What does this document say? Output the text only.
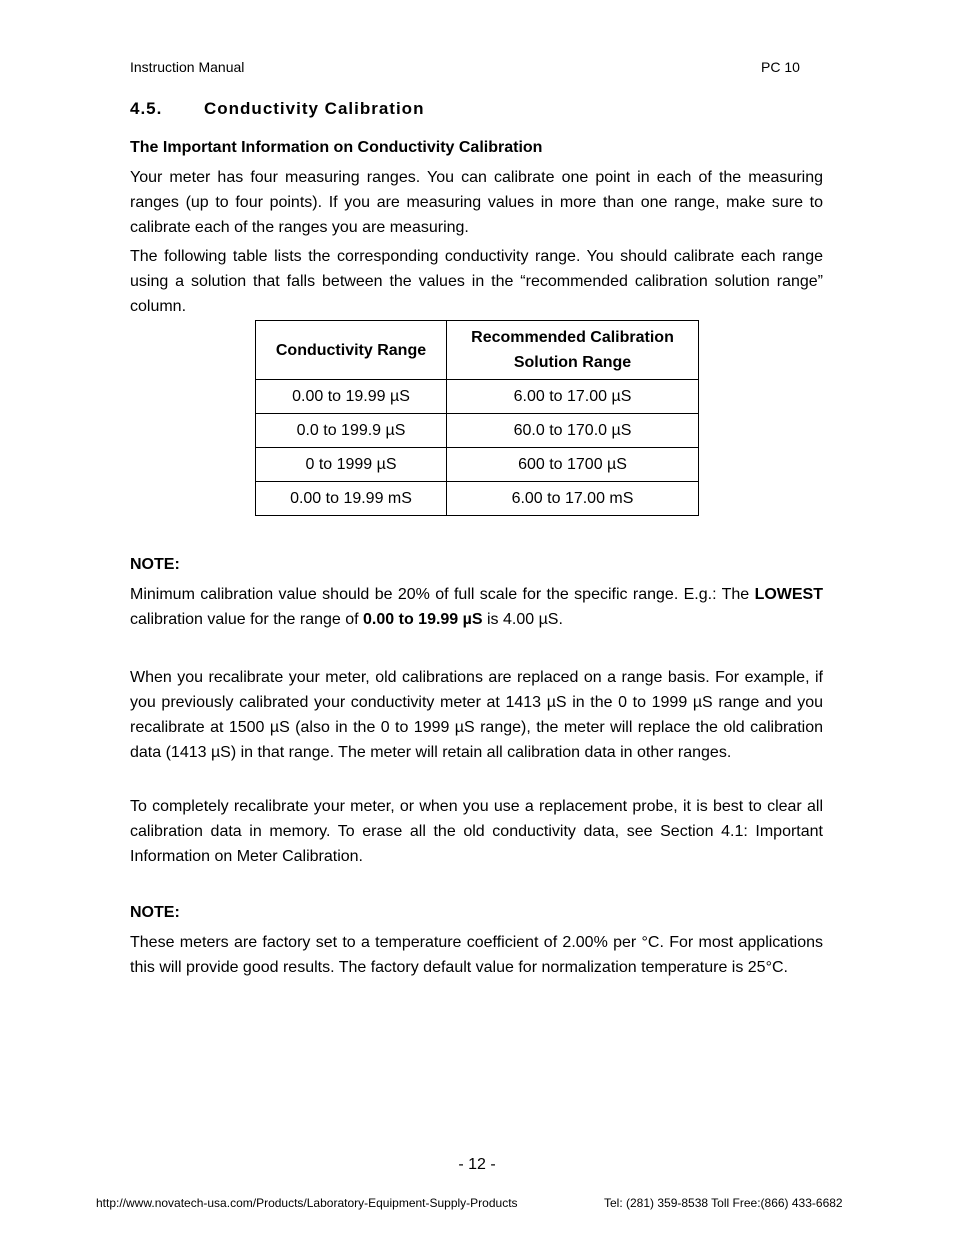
Instruction Manual	PC 10
4.5. Conductivity Calibration
The Important Information on Conductivity Calibration

Your meter has four measuring ranges. You can calibrate one point in each of the measuring ranges (up to four points). If you are measuring values in more than one range, make sure to calibrate each of the ranges you are measuring.

The following table lists the corresponding conductivity range. You should calibrate each range using a solution that falls between the values in the “recommended calibration solution range” column.

Conductivity Range	Recommended Calibration Solution Range

0.00 to 19.99 µS	6.00 to 17.00 µS
0.0 to 199.9 µS	60.0 to 170.0 µS
0 to 1999 µS	600 to 1700 µS
0.00 to 19.99 mS	6.00 to 17.00 mS
NOTE:

Minimum calibration value should be 20% of full scale for the specific range. E.g.: The LOWEST calibration value for the range of 0.00 to 19.99 µS is 4.00 µS.

When you recalibrate your meter, old calibrations are replaced on a range basis. For example, if you previously calibrated your conductivity meter at 1413 µS in the 0 to 1999 µS range and you recalibrate at 1500 µS (also in the 0 to 1999 µS range), the meter will replace the old calibration data (1413 µS) in that range. The meter will retain all calibration data in other ranges.

To completely recalibrate your meter, or when you use a replacement probe, it is best to clear all calibration data in memory. To erase all the old conductivity data, see Section 4.1: Important Information on Meter Calibration.

NOTE:

These meters are factory set to a temperature coefficient of 2.00% per °C. For most applications this will provide good results. The factory default value for normalization temperature is 25°C.

- 12 -
http://www.novatech-usa.com/Products/Laboratory-Equipment-Supply-Products	Tel: (281) 359-8538 Toll Free:(866) 433-6682
